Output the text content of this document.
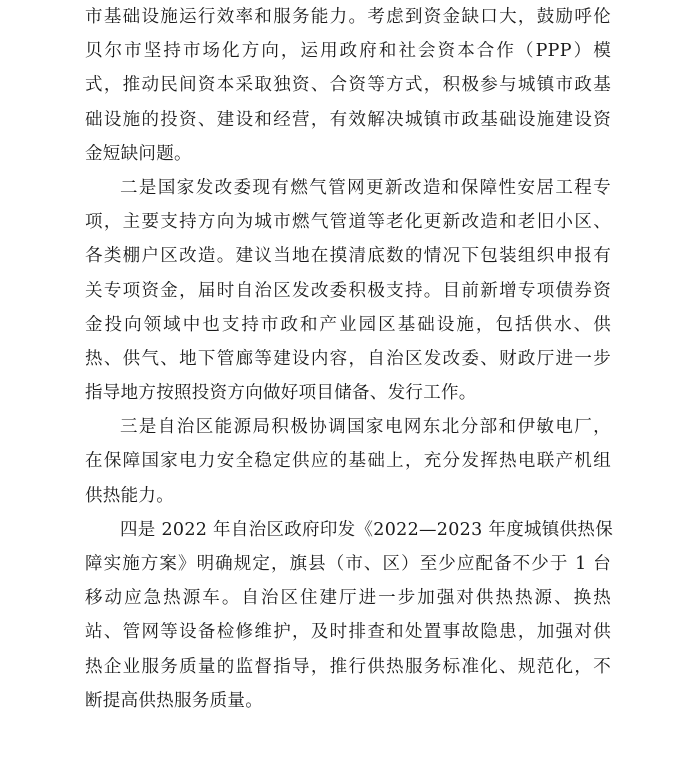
市基础设施运行效率和服务能力。考虑到资金缺口大，鼓励呼伦
贝尔市坚持市场化方向，运用政府和社会资本合作（PPP）模
式，推动民间资本采取独资、合资等方式，积极参与城镇市政基
础设施的投资、建设和经营，有效解决城镇市政基础设施建设资
金短缺问题。
二是国家发改委现有燃气管网更新改造和保障性安居工程专
项，主要支持方向为城市燃气管道等老化更新改造和老旧小区、
各类棚户区改造。建议当地在摸清底数的情况下包装组织申报有
关专项资金，届时自治区发改委积极支持。目前新增专项债券资
金投向领域中也支持市政和产业园区基础设施，包括供水、供
热、供气、地下管廊等建设内容，自治区发改委、财政厅进一步
指导地方按照投资方向做好项目储备、发行工作。
三是自治区能源局积极协调国家电网东北分部和伊敏电厂，
在保障国家电力安全稳定供应的基础上，充分发挥热电联产机组
供热能力。
四是 2022 年自治区政府印发《2022—2023 年度城镇供热保
障实施方案》明确规定，旗县（市、区）至少应配备不少于 1 台
移动应急热源车。自治区住建厅进一步加强对供热热源、换热
站、管网等设备检修维护，及时排查和处置事故隐患，加强对供
热企业服务质量的监督指导，推行供热服务标准化、规范化，不
断提高供热服务质量。
